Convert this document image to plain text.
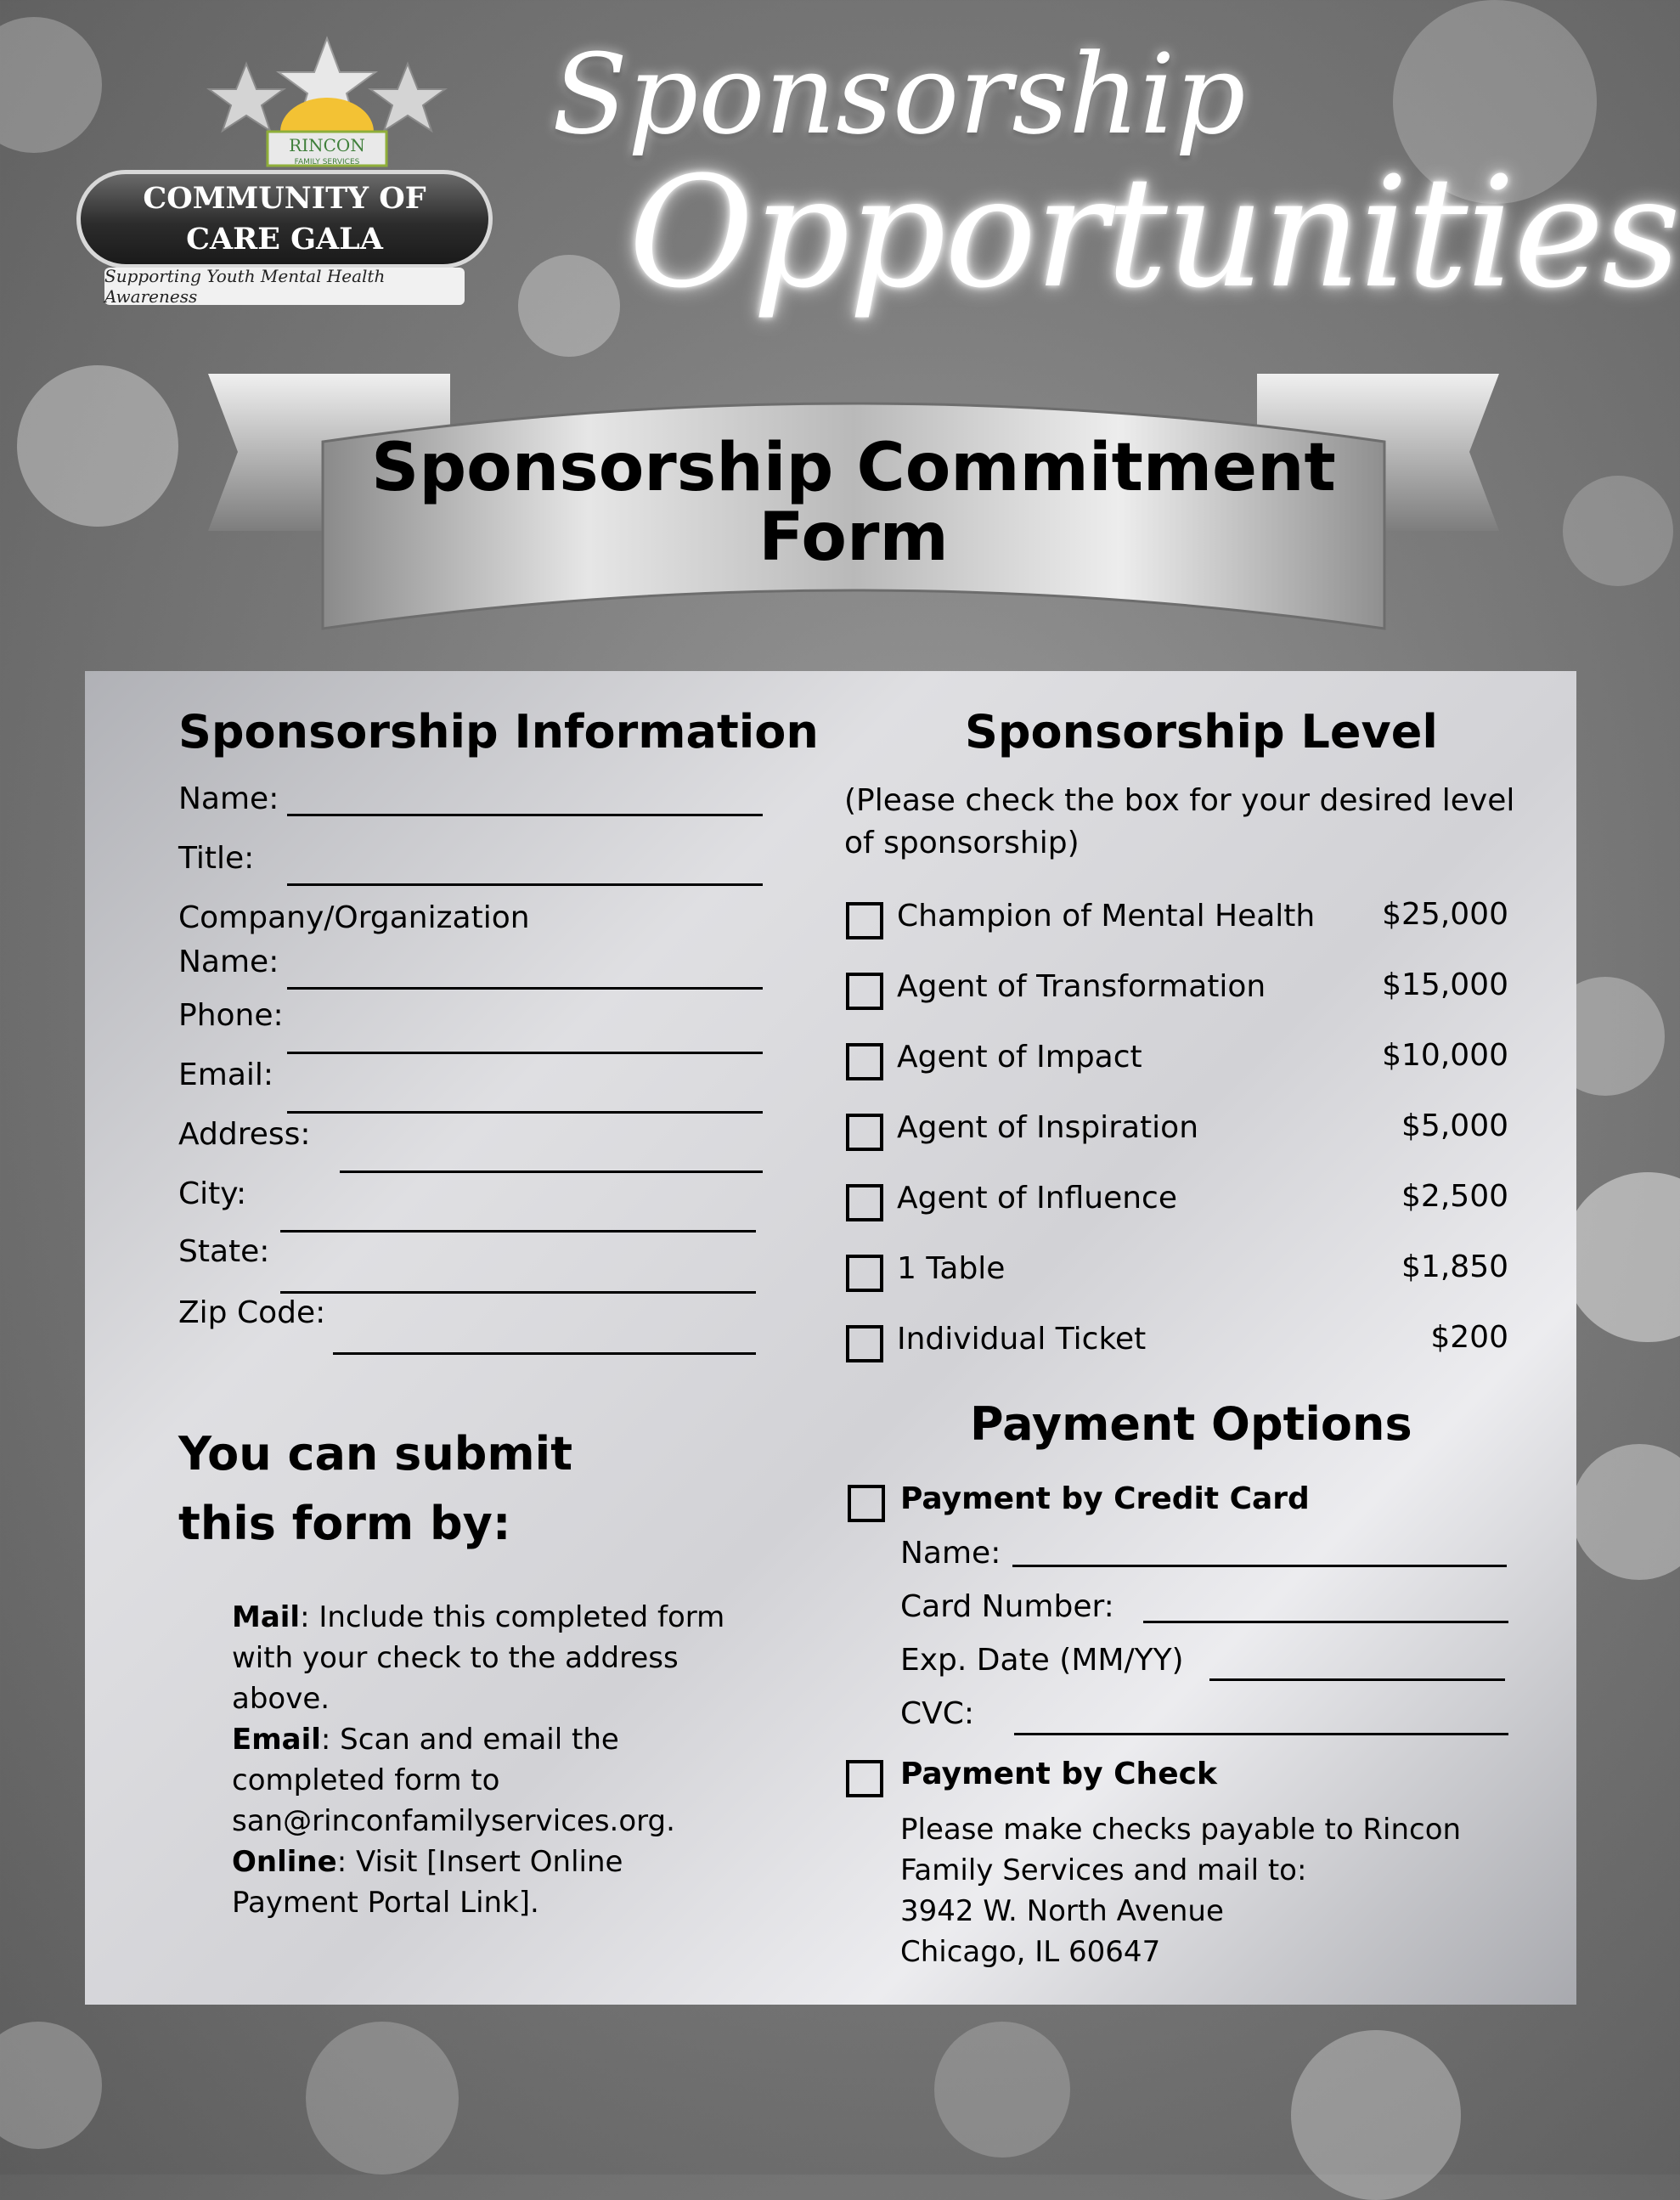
RINCON
FAMILY SERVICES
COMMUNITY OF
CARE GALA
Supporting Youth Mental Health Awareness
Sponsorship
Opportunities
Sponsorship Commitment
Form
Sponsorship Information
Name:
Title:
Company/Organization
Name:
Phone:
Email:
Address:
City:
State:
Zip Code:
You can submit
this form by:
Mail: Include this completed form with your check to the address above.
Email: Scan and email the completed form to san@rinconfamilyservices.org.
Online: Visit [Insert Online Payment Portal Link].
Sponsorship Level
(Please check the box for your desired level of sponsorship)
Champion of Mental Health	$25,000
Agent of Transformation	$15,000
Agent of Impact	$10,000
Agent of Inspiration	$5,000
Agent of Influence	$2,500
1 Table	$1,850
Individual Ticket	$200
Payment Options
Payment by Credit Card
Name:
Card Number:
Exp. Date (MM/YY)
CVC:
Payment by Check
Please make checks payable to Rincon
Family Services and mail to:
3942 W. North Avenue
Chicago, IL 60647
